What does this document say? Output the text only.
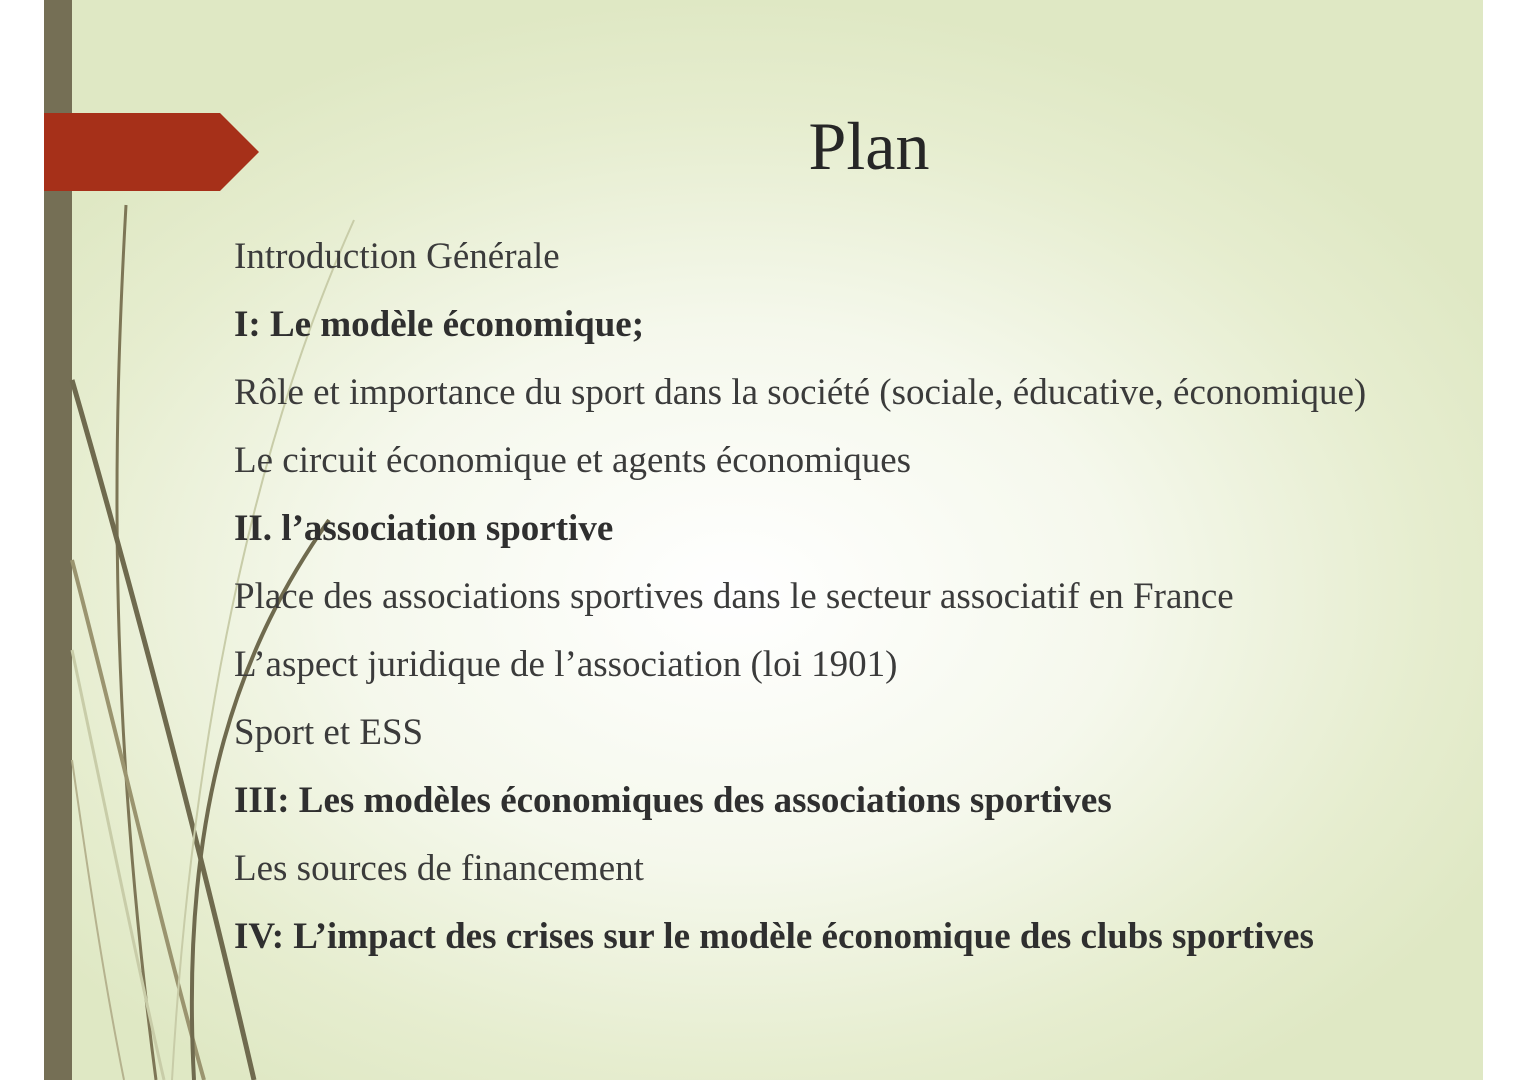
Plan
Introduction Générale
I: Le modèle économique;
Rôle et importance du sport dans la société (sociale, éducative, économique)
Le circuit économique et agents économiques
II. l’association sportive
Place des associations sportives dans le secteur associatif en France
L’aspect juridique de l’association (loi 1901)
Sport et ESS
III: Les modèles économiques des associations sportives
Les sources de financement
IV: L’impact des crises sur le modèle économique des clubs sportives
